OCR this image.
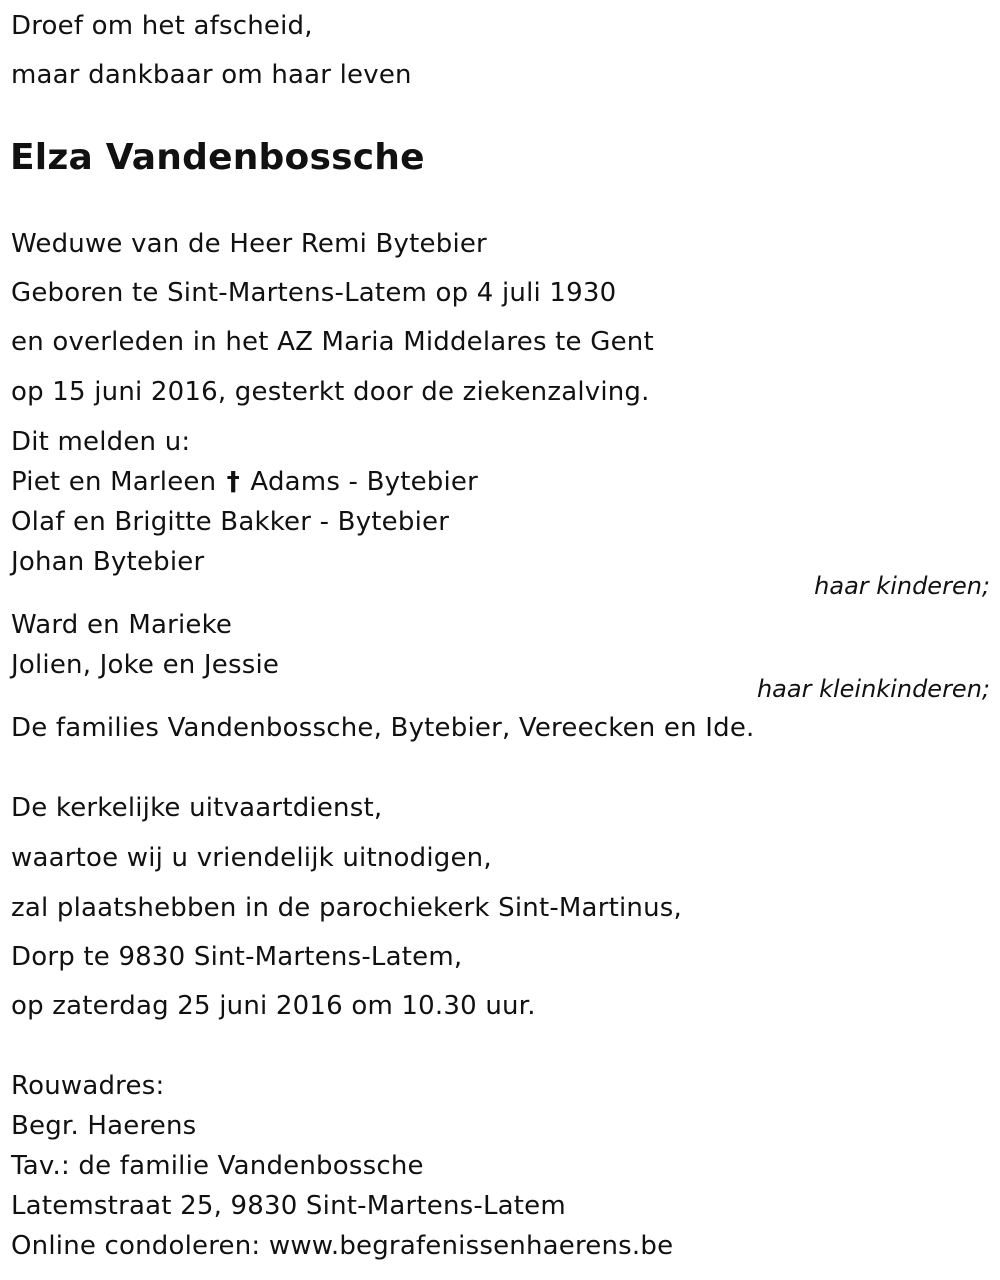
Droef om het afscheid,
maar dankbaar om haar leven
Elza Vandenbossche
Weduwe van de Heer Remi Bytebier
Geboren te Sint-Martens-Latem op 4 juli 1930
en overleden in het AZ Maria Middelares te Gent
op 15 juni 2016, gesterkt door de ziekenzalving.
Dit melden u:
Piet en Marleen † Adams - Bytebier
Olaf en Brigitte Bakker - Bytebier
Johan Bytebier
haar kinderen;
Ward en Marieke
Jolien, Joke en Jessie
haar kleinkinderen;
De families Vandenbossche, Bytebier, Vereecken en Ide.
De kerkelijke uitvaartdienst,
waartoe wij u vriendelijk uitnodigen,
zal plaatshebben in de parochiekerk Sint-Martinus,
Dorp te 9830 Sint-Martens-Latem,
op zaterdag 25 juni 2016 om 10.30 uur.
Rouwadres:
Begr. Haerens
Tav.: de familie Vandenbossche
Latemstraat 25, 9830 Sint-Martens-Latem
Online condoleren: www.begrafenissenhaerens.be
